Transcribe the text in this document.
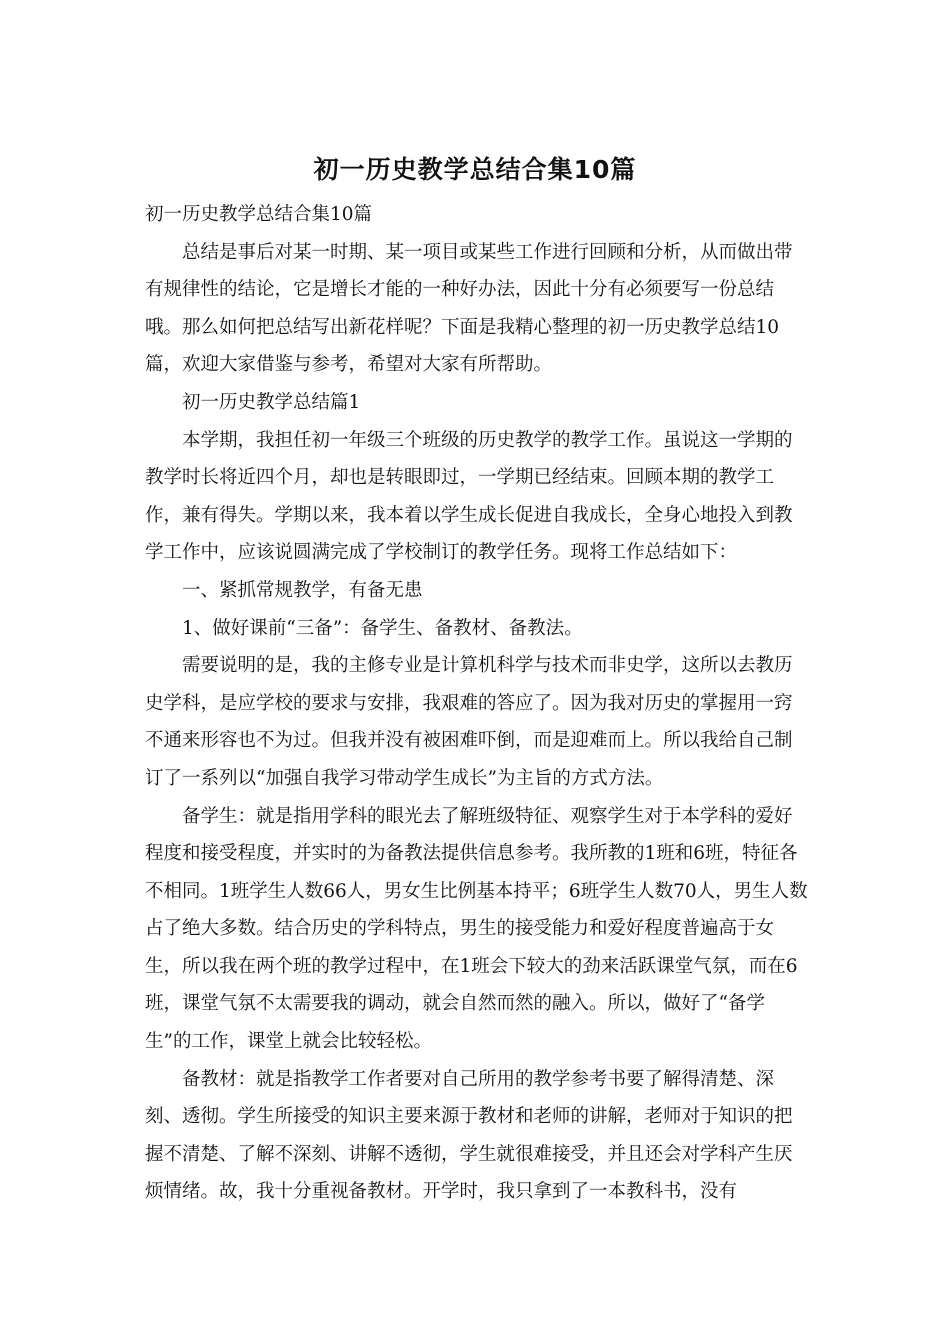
初一历史教学总结合集10篇

初一历史教学总结合集10篇

总结是事后对某一时期、某一项目或某些工作进行回顾和分析，从而做出带有规律性的结论，它是增长才能的一种好办法，因此十分有必须要写一份总结哦。那么如何把总结写出新花样呢？下面是我精心整理的初一历史教学总结10篇，欢迎大家借鉴与参考，希望对大家有所帮助。

初一历史教学总结篇1

本学期，我担任初一年级三个班级的历史教学的教学工作。虽说这一学期的教学时长将近四个月，却也是转眼即过，一学期已经结束。回顾本期的教学工作，兼有得失。学期以来，我本着以学生成长促进自我成长，全身心地投入到教学工作中，应该说圆满完成了学校制订的教学任务。现将工作总结如下：

一、紧抓常规教学，有备无患

1、做好课前“三备”：备学生、备教材、备教法。

需要说明的是，我的主修专业是计算机科学与技术而非史学，这所以去教历史学科，是应学校的要求与安排，我艰难的答应了。因为我对历史的掌握用一窍不通来形容也不为过。但我并没有被困难吓倒，而是迎难而上。所以我给自己制订了一系列以“加强自我学习带动学生成长”为主旨的方式方法。

备学生：就是指用学科的眼光去了解班级特征、观察学生对于本学科的爱好程度和接受程度，并实时的为备教法提供信息参考。我所教的1班和6班，特征各不相同。1班学生人数66人，男女生比例基本持平；6班学生人数70人，男生人数占了绝大多数。结合历史的学科特点，男生的接受能力和爱好程度普遍高于女生，所以我在两个班的教学过程中，在1班会下较大的劲来活跃课堂气氛，而在6班，课堂气氛不太需要我的调动，就会自然而然的融入。所以，做好了“备学生”的工作，课堂上就会比较轻松。

备教材：就是指教学工作者要对自己所用的教学参考书要了解得清楚、深刻、透彻。学生所接受的知识主要来源于教材和老师的讲解，老师对于知识的把握不清楚、了解不深刻、讲解不透彻，学生就很难接受，并且还会对学科产生厌烦情绪。故，我十分重视备教材。开学时，我只拿到了一本教科书，没有
